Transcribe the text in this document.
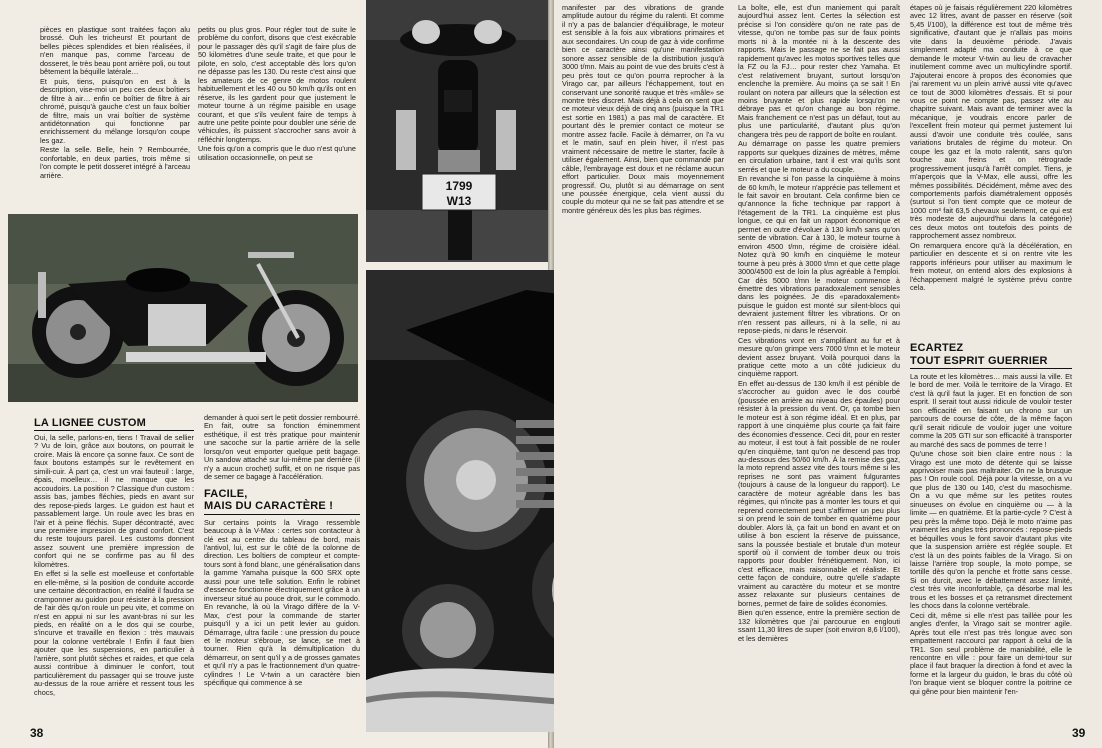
pièces en plastique sont traitées façon alu brossé. Ouh les tricheurs! Et pourtant de belles pièces splendides et bien réalisées, il n'en manque pas, comme l'arceau de dosseret, le très beau pont arrière poli, ou tout bêtement la béquille latérale…

Et puis, tiens, puisqu'on en est à la description, vise-moi un peu ces deux boîtiers de filtre à air… enfin ce boîtier de filtre à air chromé, puisqu'à gauche c'est un faux boîtier de filtre, mais un vrai boîtier de système antidétonnation qui fonctionne par enrichissement du mélange lorsqu'on coupe les gaz.

Reste la selle. Belle, hein ? Rembourrée, confortable, en deux parties, trois même si l'on compte le petit dosseret intégré à l'arceau arrière.

petits ou plus gros. Pour régler tout de suite le problème du confort, disons que c'est exécrable pour le passager dès qu'il s'agit de faire plus de 50 kilomètres d'une seule traite, et que pour le pilote, en solo, c'est acceptable dès lors qu'on ne dépasse pas les 130. Du reste c'est ainsi que les amateurs de ce genre de motos roulent habituellement et les 40 ou 50 km/h qu'ils ont en réserve, ils les gardent pour que justement le moteur tourne à un régime paisible en usage courant, et que s'ils veulent faire de temps à autre une petite pointe pour doubler une série de véhicules, ils puissent s'accrocher sans avoir à réfléchir longtemps.

Une fois qu'on a compris que le duo n'est qu'une utilisation occasionnelle, on peut se

1799
W13
LA LIGNEE CUSTOM

Oui, la selle, parlons-en, tiens ! Travail de sellier ? Vu de loin, grâce aux boutons, on pourrait le croire. Mais là encore ça sonne faux. Ce sont de faux boutons estampés sur le revêtement en simili-cuir. À part ça, c'est un vrai fauteuil : large, épais, moelleux… il ne manque que les accoudoirs. La position ? Classique d'un custom : assis bas, jambes fléchies, pieds en avant sur des repose-pieds larges. Le guidon est haut et passablement large. Un roule avec les bras en l'air et à peine fléchis. Super décontracté, avec une première impression de grand confort. C'est du reste toujours pareil. Les customs donnent assez souvent une première impression de confort qui ne se confirme pas au fil des kilomètres.

En effet si la selle est moelleuse et confortable en elle-même, si la position de conduite accorde une certaine décontraction, en réalité il faudra se cramponner au guidon pour résister à la pression de l'air dès qu'on roule un peu vite, et comme on n'est en appui ni sur les avant-bras ni sur les pieds, en réalité on a le dos qui se courbe, s'incurve et travaille en flexion : très mauvais pour la colonne vertébrale ! Enfin il faut bien ajouter que les suspensions, en particulier à l'arrière, sont plutôt sèches et raides, et que cela aussi contribue à diminuer le confort, tout particulièrement du passager qui se trouve juste au-dessus de la roue arrière et ressent tous les chocs,

demander à quoi sert le petit dossier rembourré. En fait, outre sa fonction éminemment esthétique, il est très pratique pour maintenir une sacoche sur la partie arrière de la selle lorsqu'on veut emporter quelque petit bagage. Un sandow attaché sur lui-même par derrière (il n'y a aucun crochet) suffit, et on ne risque pas de semer ce bagage à l'accélération.

FACILE,
MAIS DU CARACTÈRE !

Sur certains points la Virago ressemble beaucoup à la V-Max : certes son contacteur à clé est au centre du tableau de bord, mais l'antivol, lui, est sur le côté de la colonne de direction. Les boîtiers de compteur et compte-tours sont à fond blanc, une généralisation dans la gamme Yamaha puisque la 600 SRX opte aussi pour une telle solution. Enfin le robinet d'essence fonctionne électriquement grâce à un inverseur situé au pouce droit, sur le commodo. En revanche, là où la Virago diffère de la V-Max, c'est pour la commande de starter puisqu'il y a ici un petit levier au guidon. Démarrage, ultra facile : une pression du pouce et le moteur s'ébroue, se lance, se met à tourner. Rien qu'à la démultiplication du démarreur, on sent qu'il y a de grosses gamates et qu'il n'y a pas le fractionnement d'un quatre-cylindres ! Le V-twin a un caractère bien spécifique qui commence à se

38

manifester par des vibrations de grande amplitude autour du régime du ralenti. Et comme il n'y a pas de balancier d'équilibrage, le moteur est sensible à la fois aux vibrations primaires et aux secondaires. Un coup de gaz à vide confirme bien ce caractère ainsi qu'une manifestation sonore assez sensible de la distribution jusqu'à 3000 t/mn. Mais au point de vue des bruits c'est à peu près tout ce qu'on pourra reprocher à la Virago car, par ailleurs l'échappement, tout en conservant une sonorité rauque et très «mâle» se montre très discret. Mais déjà à cela on sent que ce moteur vieux déjà de cinq ans (puisque la TR1 est sortie en 1981) a pas mal de caractère. Et pourtant dès le premier contact ce moteur se montre assez facile. Facile à démarrer, on l'a vu et le matin, sauf en plein hiver, il n'est pas vraiment nécessaire de mettre le starter, facile à utiliser également. Ainsi, bien que commandé par câble, l'embrayage est doux et ne réclame aucun effort particulier. Doux mais moyennement progressif. Ou, plutôt si au démarrage on sent une poussée énergique, cela vient aussi du couple du moteur qui ne se fait pas attendre et se montre généreux dès les plus bas régimes.

La boîte, elle, est d'un maniement qui paraît aujourd'hui assez lent. Certes la sélection est précise si l'on considère qu'on ne rate pas de vitesse, qu'on ne tombe pas sur de faux points morts ni à la montée ni à la descente des rapports. Mais le passage ne se fait pas aussi rapidement qu'avec les motos sportives telles que la FZ ou la FJ… pour rester chez Yamaha. Et c'est relativement bruyant, surtout lorsqu'on enclenche la première. Au moins ça se sait ! En roulant on notera par ailleurs que la sélection est moins bruyante et plus rapide lorsqu'on ne débraye pas et qu'on change au bon régime. Mais franchement ce n'est pas un défaut, tout au plus une particularité, d'autant plus qu'on changera très peu de rapport de boîte en roulant.

Au démarrage on passe les quatre premiers rapports sur quelques dizaines de mètres, même en circulation urbaine, tant il est vrai qu'ils sont serrés et que le moteur a du couple.

En revanche si l'on passe la cinquième à moins de 60 km/h, le moteur n'apprécie pas tellement et le fait savoir en broutant. Cela confirme bien ce qu'annonce la fiche technique par rapport à l'étagement de la TR1. La cinquième est plus longue, ce qui en fait un rapport économique et permet en outre d'évoluer à 130 km/h sans qu'on sente de vibration. Car à 130, le moteur tourne à environ 4500 t/mn, régime de croisière idéal. Notez qu'à 90 km/h en cinquième le moteur tourne à peu près à 3000 t/mn et que cette plage 3000/4500 est de loin la plus agréable à l'emploi. Car dès 5000 t/mn le moteur commence à émettre des vibrations paradoxalement sensibles dans les poignées. Je dis «paradoxalement» puisque le guidon est monté sur silent-blocs qui devraient justement filtrer les vibrations. Or on n'en ressent pas ailleurs, ni à la selle, ni au repose-pieds, ni dans le réservoir.

Ces vibrations vont en s'amplifiant au fur et à mesure qu'on grimpe vers 7000 t/mn et le moteur devient assez bruyant. Voilà pourquoi dans la pratique cette moto a un côté judicieux du cinquième rapport.

En effet au-dessus de 130 km/h il est pénible de s'accrocher au guidon avec le dos courbé (poussée en arrière au niveau des épaules) pour résister à la pression du vent. Or, ça tombe bien le moteur est à son régime idéal. Et en plus, par rapport à une cinquième plus courte ça fait faire des économies d'essence. Ceci dit, pour en rester au moteur, il est tout à fait possible de ne rouler qu'en cinquième, tant qu'on ne descend pas trop au-dessous des 50/60 km/h. À la remise des gaz, la moto reprend assez vite des tours même si les reprises ne sont pas vraiment fulgurantes (toujours à cause de la longueur du rapport). Le caractère de moteur agréable dans les bas régimes, qui n'incite pas à monter les tours et qui reprend correctement peut s'affirmer un peu plus si on prend le soin de tomber en quatrième pour doubler. Alors là, ça fait un bond en avant et on utilise à bon escient la réserve de puissance, sans la poussée bestiale et brutale d'un moteur sportif où il convient de tomber deux ou trois rapports pour doubler frénétiquement. Non, ici c'est efficace, mais raisonnable et réaliste. Et cette façon de conduire, outre qu'elle s'adapte vraiment au caractère du moteur et se montre assez relaxante sur plusieurs centaines de bornes, permet de faire de solides économies.

Bien qu'en essence, entre la première section de 132 kilomètres que j'ai parcourue en englouti ssant 11,30 litres de super (soit environ 8,6 l/100), et les dernières

étapes où je faisais régulièrement 220 kilomètres avec 12 litres, avant de passer en réserve (soit 5,45 l/100), la différence est tout de même très significative, d'autant que je n'allais pas moins vite dans la deuxième période. J'avais simplement adapté ma conduite à ce que demande le moteur V-twin au lieu de cravacher inutilement comme avec un multicylindre sportif. J'ajouterai encore à propos des économies que j'ai rarement vu un plein arrivé aussi vite qu'avec ce tout de 3000 kilomètres d'essais. Et si pour vous ce point ne compte pas, passez vite au chapitre suivant. Mais avant de terminer avec la mécanique, je voudrais encore parler de l'excellent frein moteur qui permet justement lui aussi d'avoir une conduite très coulée, sans variations brutales de régime du moteur. On coupe les gaz et la moto ralentit, sans qu'on touche aux freins et on rétrograde progressivement jusqu'à l'arrêt complet. Tiens, je m'aperçois que la V-Max, elle aussi, offre les mêmes possibilités. Décidément, même avec des comportements parfois diamétralement opposés (surtout si l'on tient compte que ce moteur de 1000 cm³ fait 63,5 chevaux seulement, ce qui est très modeste de aujourd'hui dans la catégorie) ces deux motos ont toutefois des points de rapprochement assez nombreux.

On remarquera encore qu'à la décélération, en particulier en descente et si on rentre vite les rapports inférieurs pour utiliser au maximum le frein moteur, on entend alors des explosions à l'échappement malgré le système prévu contre cela.

ECARTEZ
TOUT ESPRIT GUERRIER

La route et les kilomètres… mais aussi la ville. Et le bord de mer. Voilà le territoire de la Virago. Et c'est là qu'il faut la juger. Et en fonction de son esprit. Il serait tout aussi ridicule de vouloir tester son efficacité en faisant un chrono sur un parcours de course de côte, de la même façon qu'il serait ridicule de vouloir juger une voiture comme la 205 GTI sur son efficacité à transporter au marché des sacs de pommes de terre !

Qu'une chose soit bien claire entre nous : la Virago est une moto de détente qui se laisse apprivoiser mais pas maltraiter. On ne la brusque pas ! On roule cool. Déjà pour la vitesse, on a vu que plus de 130 ou 140, c'est du masochisme. On a vu que même sur les petites routes sinueuses on évolue en cinquième ou — à la limite — en quatrième. Et la partie-cycle ? C'est à peu près la même topo. Déjà le moto n'aime pas vraiment les angles très prononcés : repose-pieds et béquilles vous le font savoir d'autant plus vite que la suspension arrière est réglée souple. Et c'est là un des points faibles de la Virago. Si on laisse l'arrière trop souple, la moto pompe, se tortille dès qu'on la penche et frotte sans cesse. Si on durcit, avec le débattement assez limité, c'est très vite inconfortable, ça désorbe mal les trous et les bosses et ça retransmet directement les chocs dans la colonne vertébrale.

Ceci dit, même si elle n'est pas taillée pour les angles d'enfer, la Virago sait se montrer agile. Après tout elle n'est pas très longue avec son empattement raccourci par rapport à celui de la TR1. Son seul problème de maniabilité, elle le rencontre en ville : pour faire un demi-tour sur place il faut braquer la direction à fond et avec la forme et la largeur du guidon, le bras du côté où l'on braque vient se bloquer contre la poitrine ce qui gêne pour bien maintenir l'en-

39
